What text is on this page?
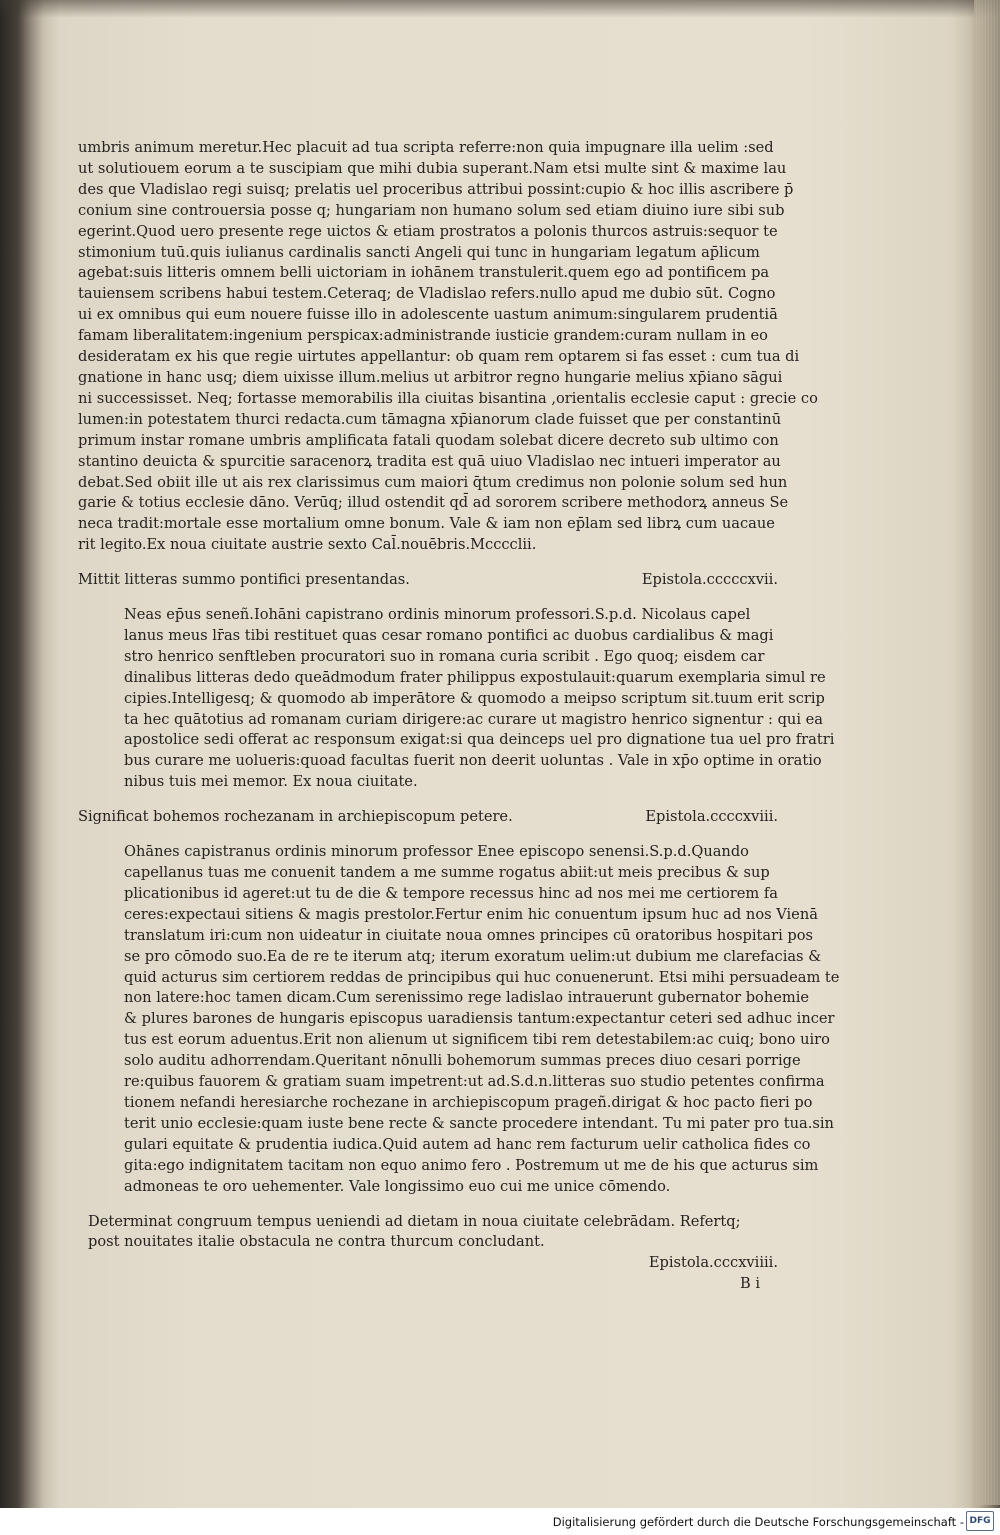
umbris animum meretur.Hec placuit ad tua scripta referre:non quia impugnare illa uelim :sed
ut solutiouem eorum a te suscipiam que mihi dubia superant.Nam etsi multe sint & maxime lau
des que Vladislao regi suisq; prelatis uel proceribus attribui possint:cupio & hoc illis ascribere p̄
conium sine controuersia posse q; hungariam non humano solum sed etiam diuino iure sibi sub
egerint.Quod uero presente rege uictos & etiam prostratos a polonis thurcos astruis:sequor te
stimonium tuū.quis iulianus cardinalis sancti Angeli qui tunc in hungariam legatum ap̄licum
agebat:suis litteris omnem belli uictoriam in iohānem transtulerit.quem ego ad pontificem pa
tauiensem scribens habui testem.Ceteraq; de Vladislao refers.nullo apud me dubio sūt. Cogno
ui ex omnibus qui eum nouere fuisse illo in adolescente uastum animum:singularem prudentiā
famam liberalitatem:ingenium perspicax:administrande iusticie grandem:curam nullam in eo
desideratam ex his que regie uirtutes appellantur: ob quam rem optarem si fas esset : cum tua di
gnatione in hanc usq; diem uixisse illum.melius ut arbitror regno hungarie melius xp̄iano sāgui
ni successisset. Neq; fortasse memorabilis illa ciuitas bisantina ,orientalis ecclesie caput : grecie co
lumen:in potestatem thurci redacta.cum tāmagna xp̄ianorum clade fuisset que per constantinū
primum instar romane umbris amplificata fatali quodam solebat dicere decreto sub ultimo con
stantino deuicta & spurcitie saracenorꝝ tradita est quā uiuo Vladislao nec intueri imperator au
debat.Sed obiit ille ut ais rex clarissimus cum maiori q̄tum credimus non polonie solum sed hun
garie & totius ecclesie dāno. Verūq; illud ostendit qd̄ ad sororem scribere methodorꝝ anneus Se
neca tradit:mortale esse mortalium omne bonum. Vale & iam non ep̄lam sed librꝝ cum uacaue
rit legito.Ex noua ciuitate austrie sexto Cal̄.nouēbris.Mcccclii.
Mittit litteras summo pontifici presentandas.	Epistola.cccccxvii.
Neas ep̄us seneñ.Iohāni capistrano ordinis minorum professori.S.p.d. Nicolaus capel
lanus meus lr̄as tibi restituet quas cesar romano pontifici ac duobus cardialibus & magi
stro henrico senftleben procuratori suo in romana curia scribit . Ego quoq; eisdem car
dinalibus litteras dedo queādmodum frater philippus expostulauit:quarum exemplaria simul re
cipies.Intelligesq; & quomodo ab imperātore & quomodo a meipso scriptum sit.tuum erit scrip
ta hec quātotius ad romanam curiam dirigere:ac curare ut magistro henrico signentur : qui ea
apostolice sedi offerat ac responsum exigat:si qua deinceps uel pro dignatione tua uel pro fratri
bus curare me uolueris:quoad facultas fuerit non deerit uoluntas . Vale in xp̄o optime in oratio
nibus tuis mei memor. Ex noua ciuitate.
Significat bohemos rochezanam in archiepiscopum petere.	Epistola.ccccxviii.
Ohānes capistranus ordinis minorum professor Enee episcopo senensi.S.p.d.Quando
capellanus tuas me conuenit tandem a me summe rogatus abiit:ut meis precibus & sup
plicationibus id ageret:ut tu de die & tempore recessus hinc ad nos mei me certiorem fa
ceres:expectaui sitiens & magis prestolor.Fertur enim hic conuentum ipsum huc ad nos Vienā
translatum iri:cum non uideatur in ciuitate noua omnes principes cū oratoribus hospitari pos
se pro cōmodo suo.Ea de re te iterum atq; iterum exoratum uelim:ut dubium me clarefacias &
quid acturus sim certiorem reddas de principibus qui huc conuenerunt. Etsi mihi persuadeam te
non latere:hoc tamen dicam.Cum serenissimo rege ladislao intrauerunt gubernator bohemie
& plures barones de hungaris episcopus uaradiensis tantum:expectantur ceteri sed adhuc incer
tus est eorum aduentus.Erit non alienum ut significem tibi rem detestabilem:ac cuiq; bono uiro
solo auditu adhorrendam.Queritant nōnulli bohemorum summas preces diuo cesari porrige
re:quibus fauorem & gratiam suam impetrent:ut ad.S.d.n.litteras suo studio petentes confirma
tionem nefandi heresiarche rochezane in archiepiscopum prageñ.dirigat & hoc pacto fieri po
terit unio ecclesie:quam iuste bene recte & sancte procedere intendant. Tu mi pater pro tua.sin
gulari equitate & prudentia iudica.Quid autem ad hanc rem facturum uelir catholica fides co
gita:ego indignitatem tacitam non equo animo fero . Postremum ut me de his que acturus sim
admoneas te oro uehementer. Vale longissimo euo cui me unice cōmendo.
Determinat congruum tempus ueniendi ad dietam in noua ciuitate celebrādam. Refertq;
post nouitates italie obstacula ne contra thurcum concludant.
Epistola.cccxviiii.
B i
Digitalisierung gefördert durch die Deutsche Forschungsgemeinschaft - DFG
